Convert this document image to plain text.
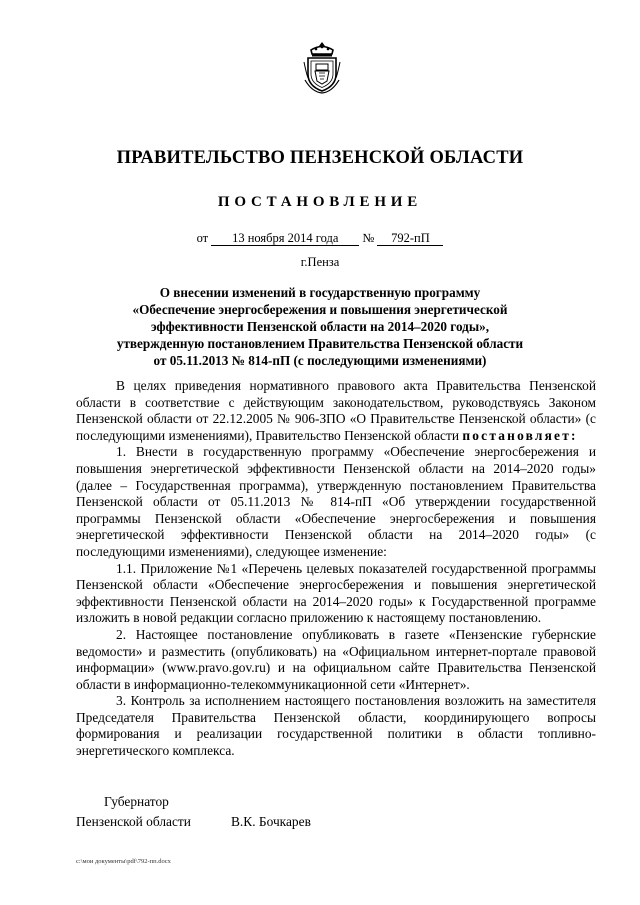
ПРАВИТЕЛЬСТВО ПЕНЗЕНСКОЙ ОБЛАСТИ
ПОСТАНОВЛЕНИЕ
от 13 ноября 2014 года № 792-пП
г.Пенза
О внесении изменений в государственную программу
«Обеспечение энергосбережения и повышения энергетической
эффективности Пензенской области на 2014–2020 годы»,
утвержденную постановлением Правительства Пензенской области
от 05.11.2013 № 814-пП (с последующими изменениями)

В целях приведения нормативного правового акта Правительства Пензенской области в соответствие с действующим законодательством, руководствуясь Законом Пензенской области от 22.12.2005 № 906-ЗПО «О Правительстве Пензенской области» (с последующими изменениями), Правительство Пензенской области постановляет:

1. Внести в государственную программу «Обеспечение энергосбережения и повышения энергетической эффективности Пензенской области на 2014–2020 годы» (далее – Государственная программа), утвержденную постановлением Правительства Пензенской области от 05.11.2013 № 814-пП «Об утверждении государственной программы Пензенской области «Обеспечение энергосбережения и повышения энергетической эффективности Пензенской области на 2014–2020 годы» (с последующими изменениями), следующее изменение:

1.1. Приложение №1 «Перечень целевых показателей государственной программы Пензенской области «Обеспечение энергосбережения и повышения энергетической эффективности Пензенской области на 2014–2020 годы» к Государственной программе изложить в новой редакции согласно приложению к настоящему постановлению.

2. Настоящее постановление опубликовать в газете «Пензенские губернские ведомости» и разместить (опубликовать) на «Официальном интернет-портале правовой информации» (www.pravo.gov.ru) и на официальном сайте Правительства Пензенской области в информационно-телекоммуникационной сети «Интернет».

3. Контроль за исполнением настоящего постановления возложить на заместителя Председателя Правительства Пензенской области, координирующего вопросы формирования и реализации государственной политики в области топливно-энергетического комплекса.

Губернатор
Пензенской области	В.К. Бочкарев
c:\мои документы\pdf\792-пп.docx
